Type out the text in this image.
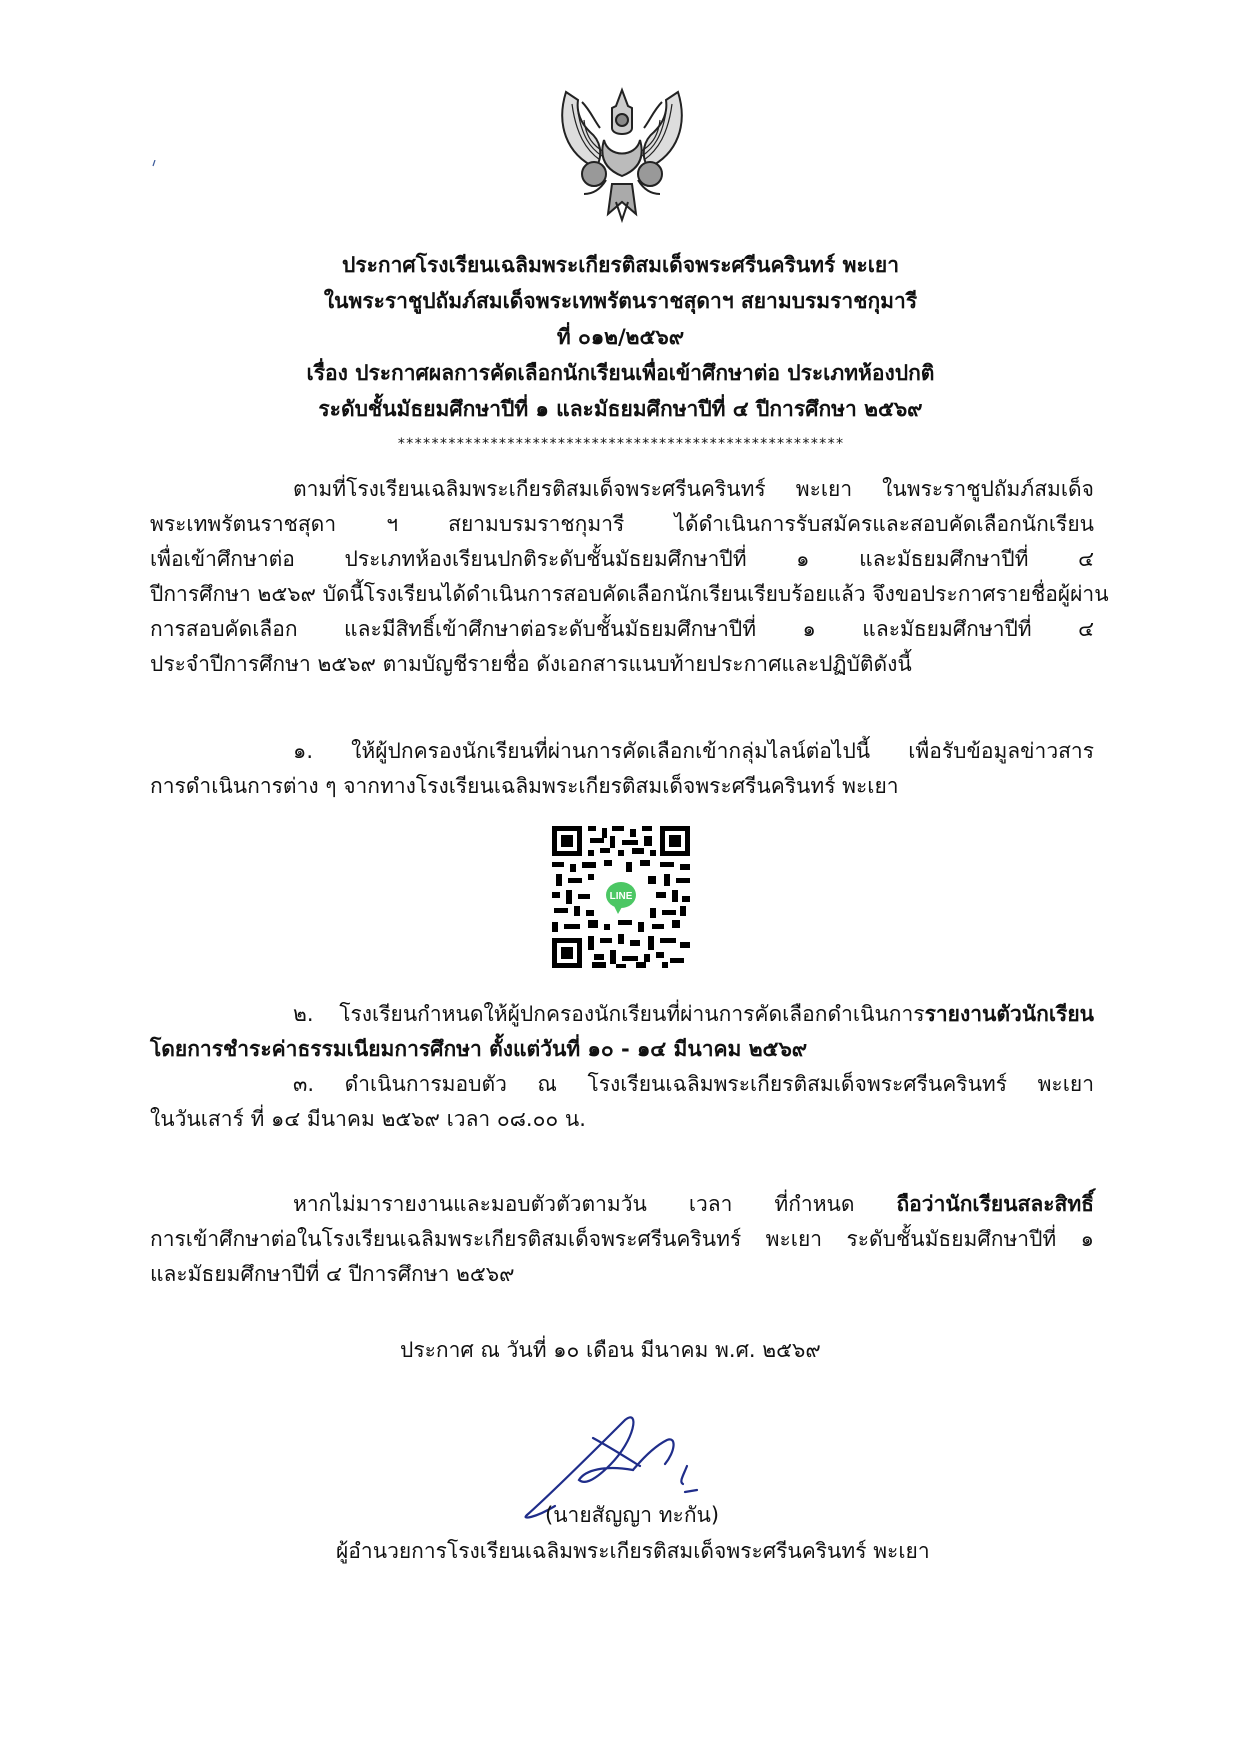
ประกาศโรงเรียนเฉลิมพระเกียรติสมเด็จพระศรีนครินทร์ พะเยา
ในพระราชูปถัมภ์สมเด็จพระเทพรัตนราชสุดาฯ สยามบรมราชกุมารี
ที่ ๐๑๒/๒๕๖๙
เรื่อง ประกาศผลการคัดเลือกนักเรียนเพื่อเข้าศึกษาต่อ ประเภทห้องปกติ
ระดับชั้นมัธยมศึกษาปีที่ ๑ และมัธยมศึกษาปีที่ ๔ ปีการศึกษา ๒๕๖๙
*****************************************************
ตามที่โรงเรียนเฉลิมพระเกียรติสมเด็จพระศรีนครินทร์ พะเยา ในพระราชูปถัมภ์สมเด็จ
พระเทพรัตนราชสุดา ฯ สยามบรมราชกุมารี ได้ดำเนินการรับสมัครและสอบคัดเลือกนักเรียน
เพื่อเข้าศึกษาต่อ ประเภทห้องเรียนปกติระดับชั้นมัธยมศึกษาปีที่ ๑ และมัธยมศึกษาปีที่ ๔
ปีการศึกษา ๒๕๖๙ บัดนี้โรงเรียนได้ดำเนินการสอบคัดเลือกนักเรียนเรียบร้อยแล้ว จึงขอประกาศรายชื่อผู้ผ่าน
การสอบคัดเลือก และมีสิทธิ์เข้าศึกษาต่อระดับชั้นมัธยมศึกษาปีที่ ๑ และมัธยมศึกษาปีที่ ๔
ประจำปีการศึกษา ๒๕๖๙ ตามบัญชีรายชื่อ ดังเอกสารแนบท้ายประกาศและปฏิบัติดังนี้
๑. ให้ผู้ปกครองนักเรียนที่ผ่านการคัดเลือกเข้ากลุ่มไลน์ต่อไปนี้ เพื่อรับข้อมูลข่าวสาร
การดำเนินการต่าง ๆ จากทางโรงเรียนเฉลิมพระเกียรติสมเด็จพระศรีนครินทร์ พะเยา
LINE
๒. โรงเรียนกำหนดให้ผู้ปกครองนักเรียนที่ผ่านการคัดเลือกดำเนินการรายงานตัวนักเรียน
โดยการชำระค่าธรรมเนียมการศึกษา ตั้งแต่วันที่ ๑๐ - ๑๔ มีนาคม ๒๕๖๙
๓. ดำเนินการมอบตัว ณ โรงเรียนเฉลิมพระเกียรติสมเด็จพระศรีนครินทร์ พะเยา
ในวันเสาร์ ที่ ๑๔ มีนาคม ๒๕๖๙ เวลา ๐๘.๐๐ น.
หากไม่มารายงานและมอบตัวตัวตามวัน เวลา ที่กำหนด ถือว่านักเรียนสละสิทธิ์
การเข้าศึกษาต่อในโรงเรียนเฉลิมพระเกียรติสมเด็จพระศรีนครินทร์ พะเยา ระดับชั้นมัธยมศึกษาปีที่ ๑
และมัธยมศึกษาปีที่ ๔ ปีการศึกษา ๒๕๖๙
ประกาศ ณ วันที่ ๑๐ เดือน มีนาคม พ.ศ. ๒๕๖๙
(นายสัญญา ทะกัน)
ผู้อำนวยการโรงเรียนเฉลิมพระเกียรติสมเด็จพระศรีนครินทร์ พะเยา
